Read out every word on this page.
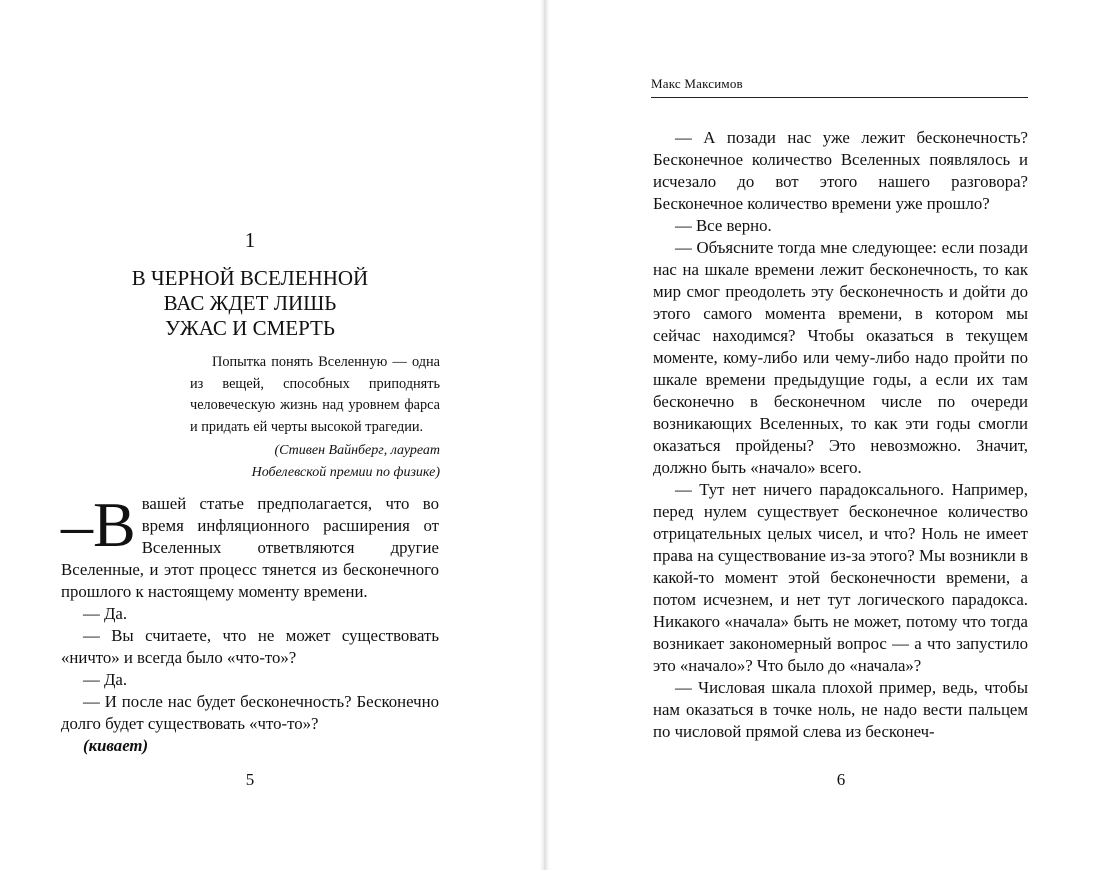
1
В ЧЕРНОЙ ВСЕЛЕННОЙ
ВАС ЖДЕТ ЛИШЬ
УЖАС И СМЕРТЬ

Попытка понять Вселенную — одна из вещей, способных приподнять человеческую жизнь над уровнем фарса и придать ей черты высокой трагедии.

(Стивен Вайнберг, лауреат
Нобелевской премии по физике)

–В вашей статье предполагается, что во время инфляционного расширения от Вселенных ответвляются другие Вселенные, и этот процесс тянется из бесконечного прошлого к настоящему моменту времени.

— Да.

— Вы считаете, что не может существовать «ничто» и всегда было «что-то»?

— Да.

— И после нас будет бесконечность? Бесконечно долго будет существовать «что-то»?

(кивает)

5
Макс Максимов

— А позади нас уже лежит бесконечность? Бесконечное количество Вселенных появлялось и исчезало до вот этого нашего разговора? Бесконечное количество времени уже прошло?

— Все верно.

— Объясните тогда мне следующее: если позади нас на шкале времени лежит бесконечность, то как мир смог преодолеть эту бесконечность и дойти до этого самого момента времени, в котором мы сейчас находимся? Чтобы оказаться в текущем моменте, кому-либо или чему-либо надо пройти по шкале времени предыдущие годы, а если их там бесконечно в бесконечном числе по очереди возникающих Вселенных, то как эти годы смогли оказаться пройдены? Это невозможно. Значит, должно быть «начало» всего.

— Тут нет ничего парадоксального. Например, перед нулем существует бесконечное количество отрицательных целых чисел, и что? Ноль не имеет права на существование из-за этого? Мы возникли в какой-то момент этой бесконечности времени, а потом исчезнем, и нет тут логического парадокса. Никакого «начала» быть не может, потому что тогда возникает закономерный вопрос — а что запустило это «начало»? Что было до «начала»?

— Числовая шкала плохой пример, ведь, чтобы нам оказаться в точке ноль, не надо вести пальцем по числовой прямой слева из бесконеч-

6
